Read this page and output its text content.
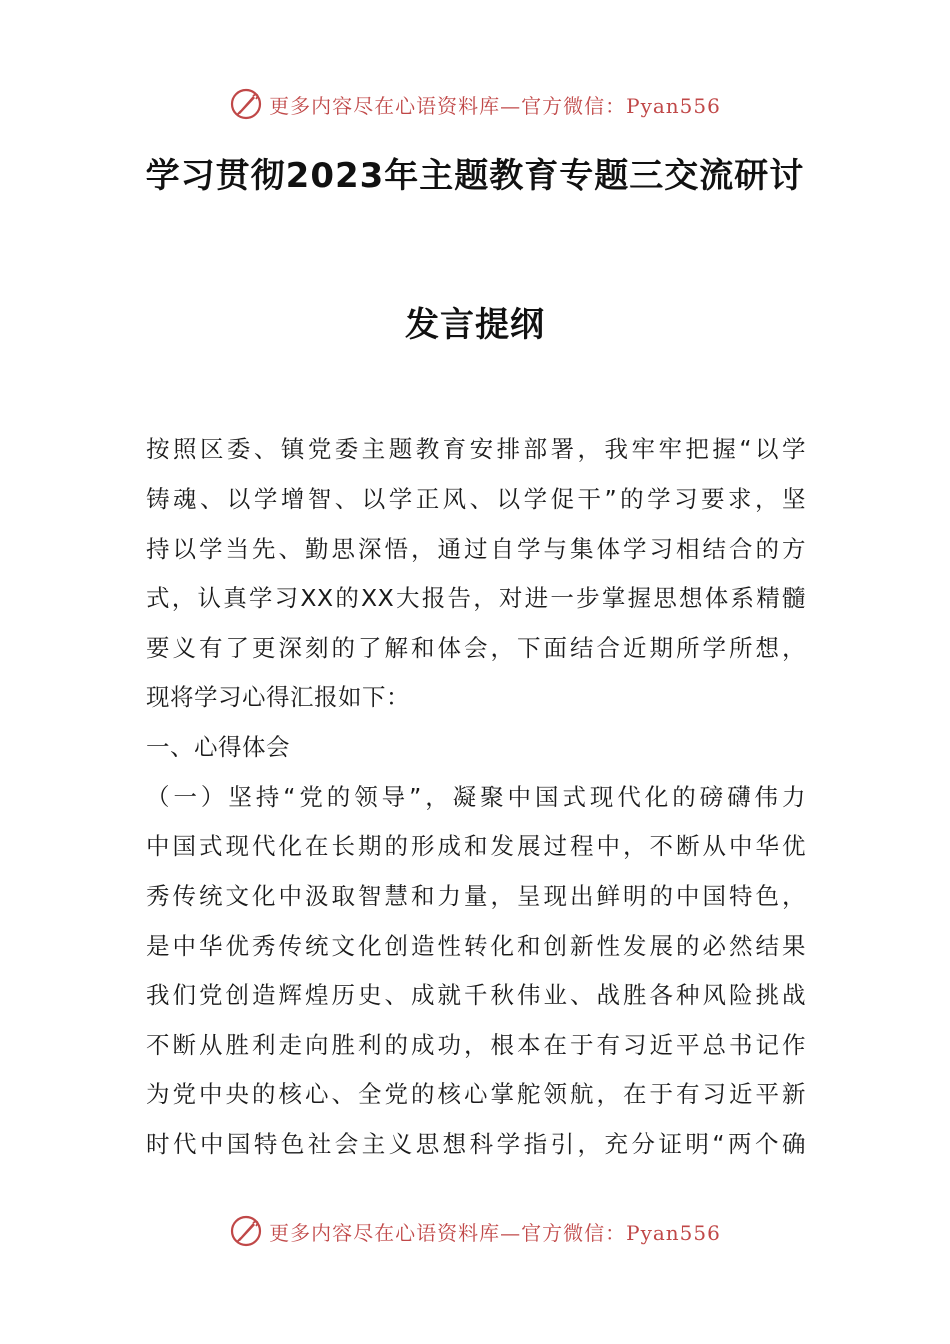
更多内容尽在心语资料库—官方微信：Pyan556
学习贯彻2023年主题教育专题三交流研讨
发言提纲
按照区委、镇党委主题教育安排部署，我牢牢把握“以学
铸魂、以学增智、以学正风、以学促干”的学习要求，坚
持以学当先、勤思深悟，通过自学与集体学习相结合的方
式，认真学习XX的XX大报告，对进一步掌握思想体系精髓
要义有了更深刻的了解和体会，下面结合近期所学所想，
现将学习心得汇报如下：
一、心得体会
（一）坚持“党的领导”，凝聚中国式现代化的磅礴伟力
中国式现代化在长期的形成和发展过程中，不断从中华优
秀传统文化中汲取智慧和力量，呈现出鲜明的中国特色，
是中华优秀传统文化创造性转化和创新性发展的必然结果
我们党创造辉煌历史、成就千秋伟业、战胜各种风险挑战
不断从胜利走向胜利的成功，根本在于有习近平总书记作
为党中央的核心、全党的核心掌舵领航，在于有习近平新
时代中国特色社会主义思想科学指引，充分证明“两个确
更多内容尽在心语资料库—官方微信：Pyan556
